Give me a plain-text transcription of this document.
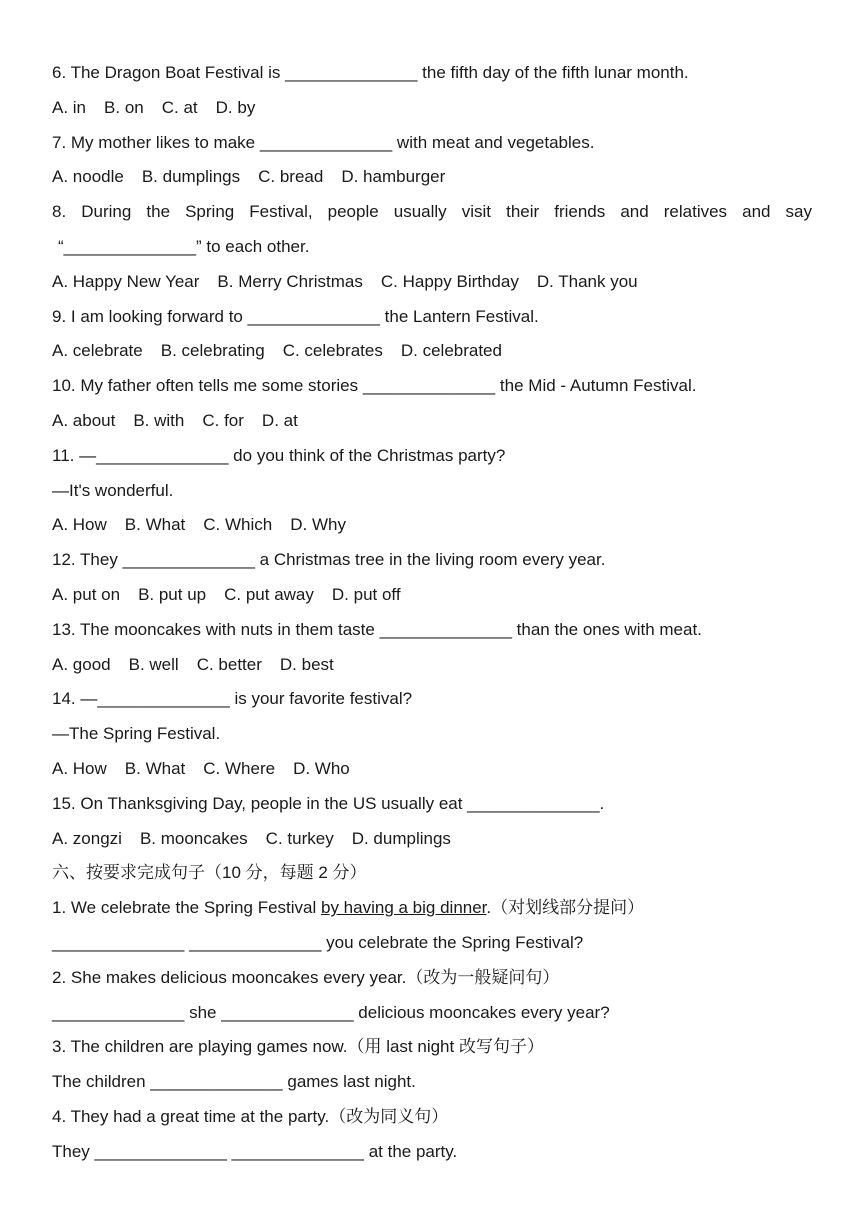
6. The Dragon Boat Festival is ______________ the fifth day of the fifth lunar month.
A. in B. on C. at D. by
7. My mother likes to make ______________ with meat and vegetables.
A. noodle B. dumplings C. bread D. hamburger
8. During the Spring Festival, people usually visit their friends and relatives and say
“______________” to each other.
A. Happy New Year B. Merry Christmas C. Happy Birthday D. Thank you
9. I am looking forward to ______________ the Lantern Festival.
A. celebrate B. celebrating C. celebrates D. celebrated
10. My father often tells me some stories ______________ the Mid - Autumn Festival.
A. about B. with C. for D. at
11. —______________ do you think of the Christmas party?
—It's wonderful.
A. How B. What C. Which D. Why
12. They ______________ a Christmas tree in the living room every year.
A. put on B. put up C. put away D. put off
13. The mooncakes with nuts in them taste ______________ than the ones with meat.
A. good B. well C. better D. best
14. —______________ is your favorite festival?
—The Spring Festival.
A. How B. What C. Where D. Who
15. On Thanksgiving Day, people in the US usually eat ______________.
A. zongzi B. mooncakes C. turkey D. dumplings
六、按要求完成句子（10 分，每题 2 分）
1. We celebrate the Spring Festival by having a big dinner.（对划线部分提问）
______________ ______________ you celebrate the Spring Festival?
2. She makes delicious mooncakes every year.（改为一般疑问句）
______________ she ______________ delicious mooncakes every year?
3. The children are playing games now.（用 last night 改写句子）
The children ______________ games last night.
4. They had a great time at the party.（改为同义句）
They ______________ ______________ at the party.
